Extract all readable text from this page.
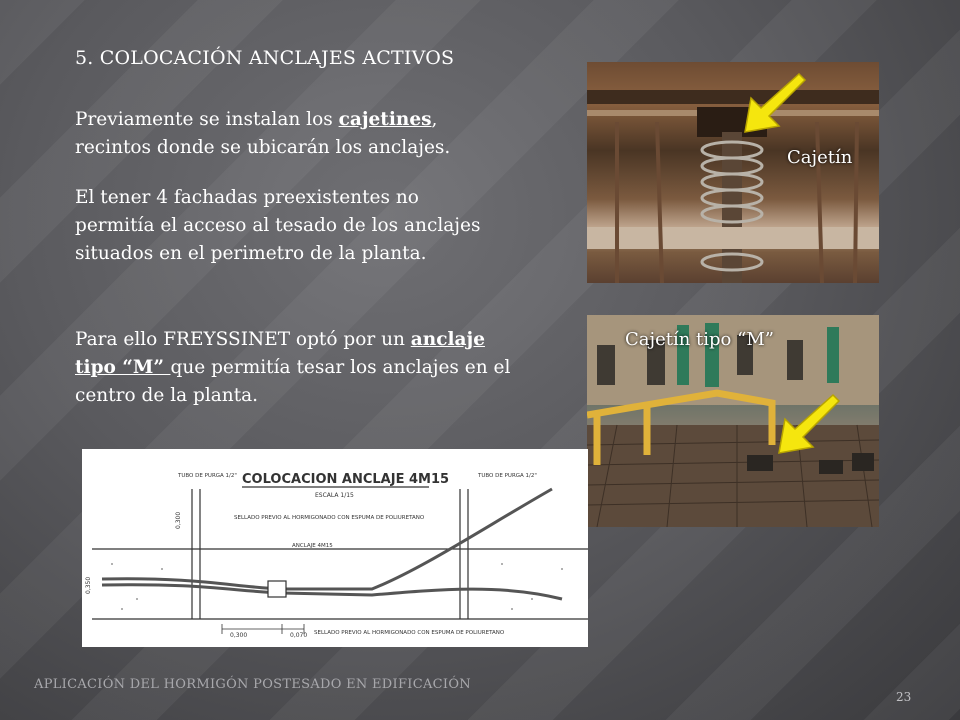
5. COLOCACIÓN ANCLAJES ACTIVOS

Previamente se instalan los cajetines, recintos donde se ubicarán los anclajes.

El tener 4 fachadas preexistentes no permitía el acceso al tesado de los anclajes situados en el perimetro de la planta.

Para ello FREYSSINET optó por un anclaje tipo “M” que permitía tesar los anclajes en el centro de la planta.

Cajetín
Cajetín tipo “M”
COLOCACION ANCLAJE 4M15
ESCALA 1/15
TUBO DE PURGA 1/2"	TUBO DE PURGA 1/2"
SELLADO PREVIO AL HORMIGONADO CON ESPUMA DE POLIURETANO
ANCLAJE 4M15
SELLADO PREVIO AL HORMIGONADO CON ESPUMA DE POLIURETANO
0,300	0,070
0,350
0,300
APLICACIÓN DEL HORMIGÓN POSTESADO EN EDIFICACIÓN
23
